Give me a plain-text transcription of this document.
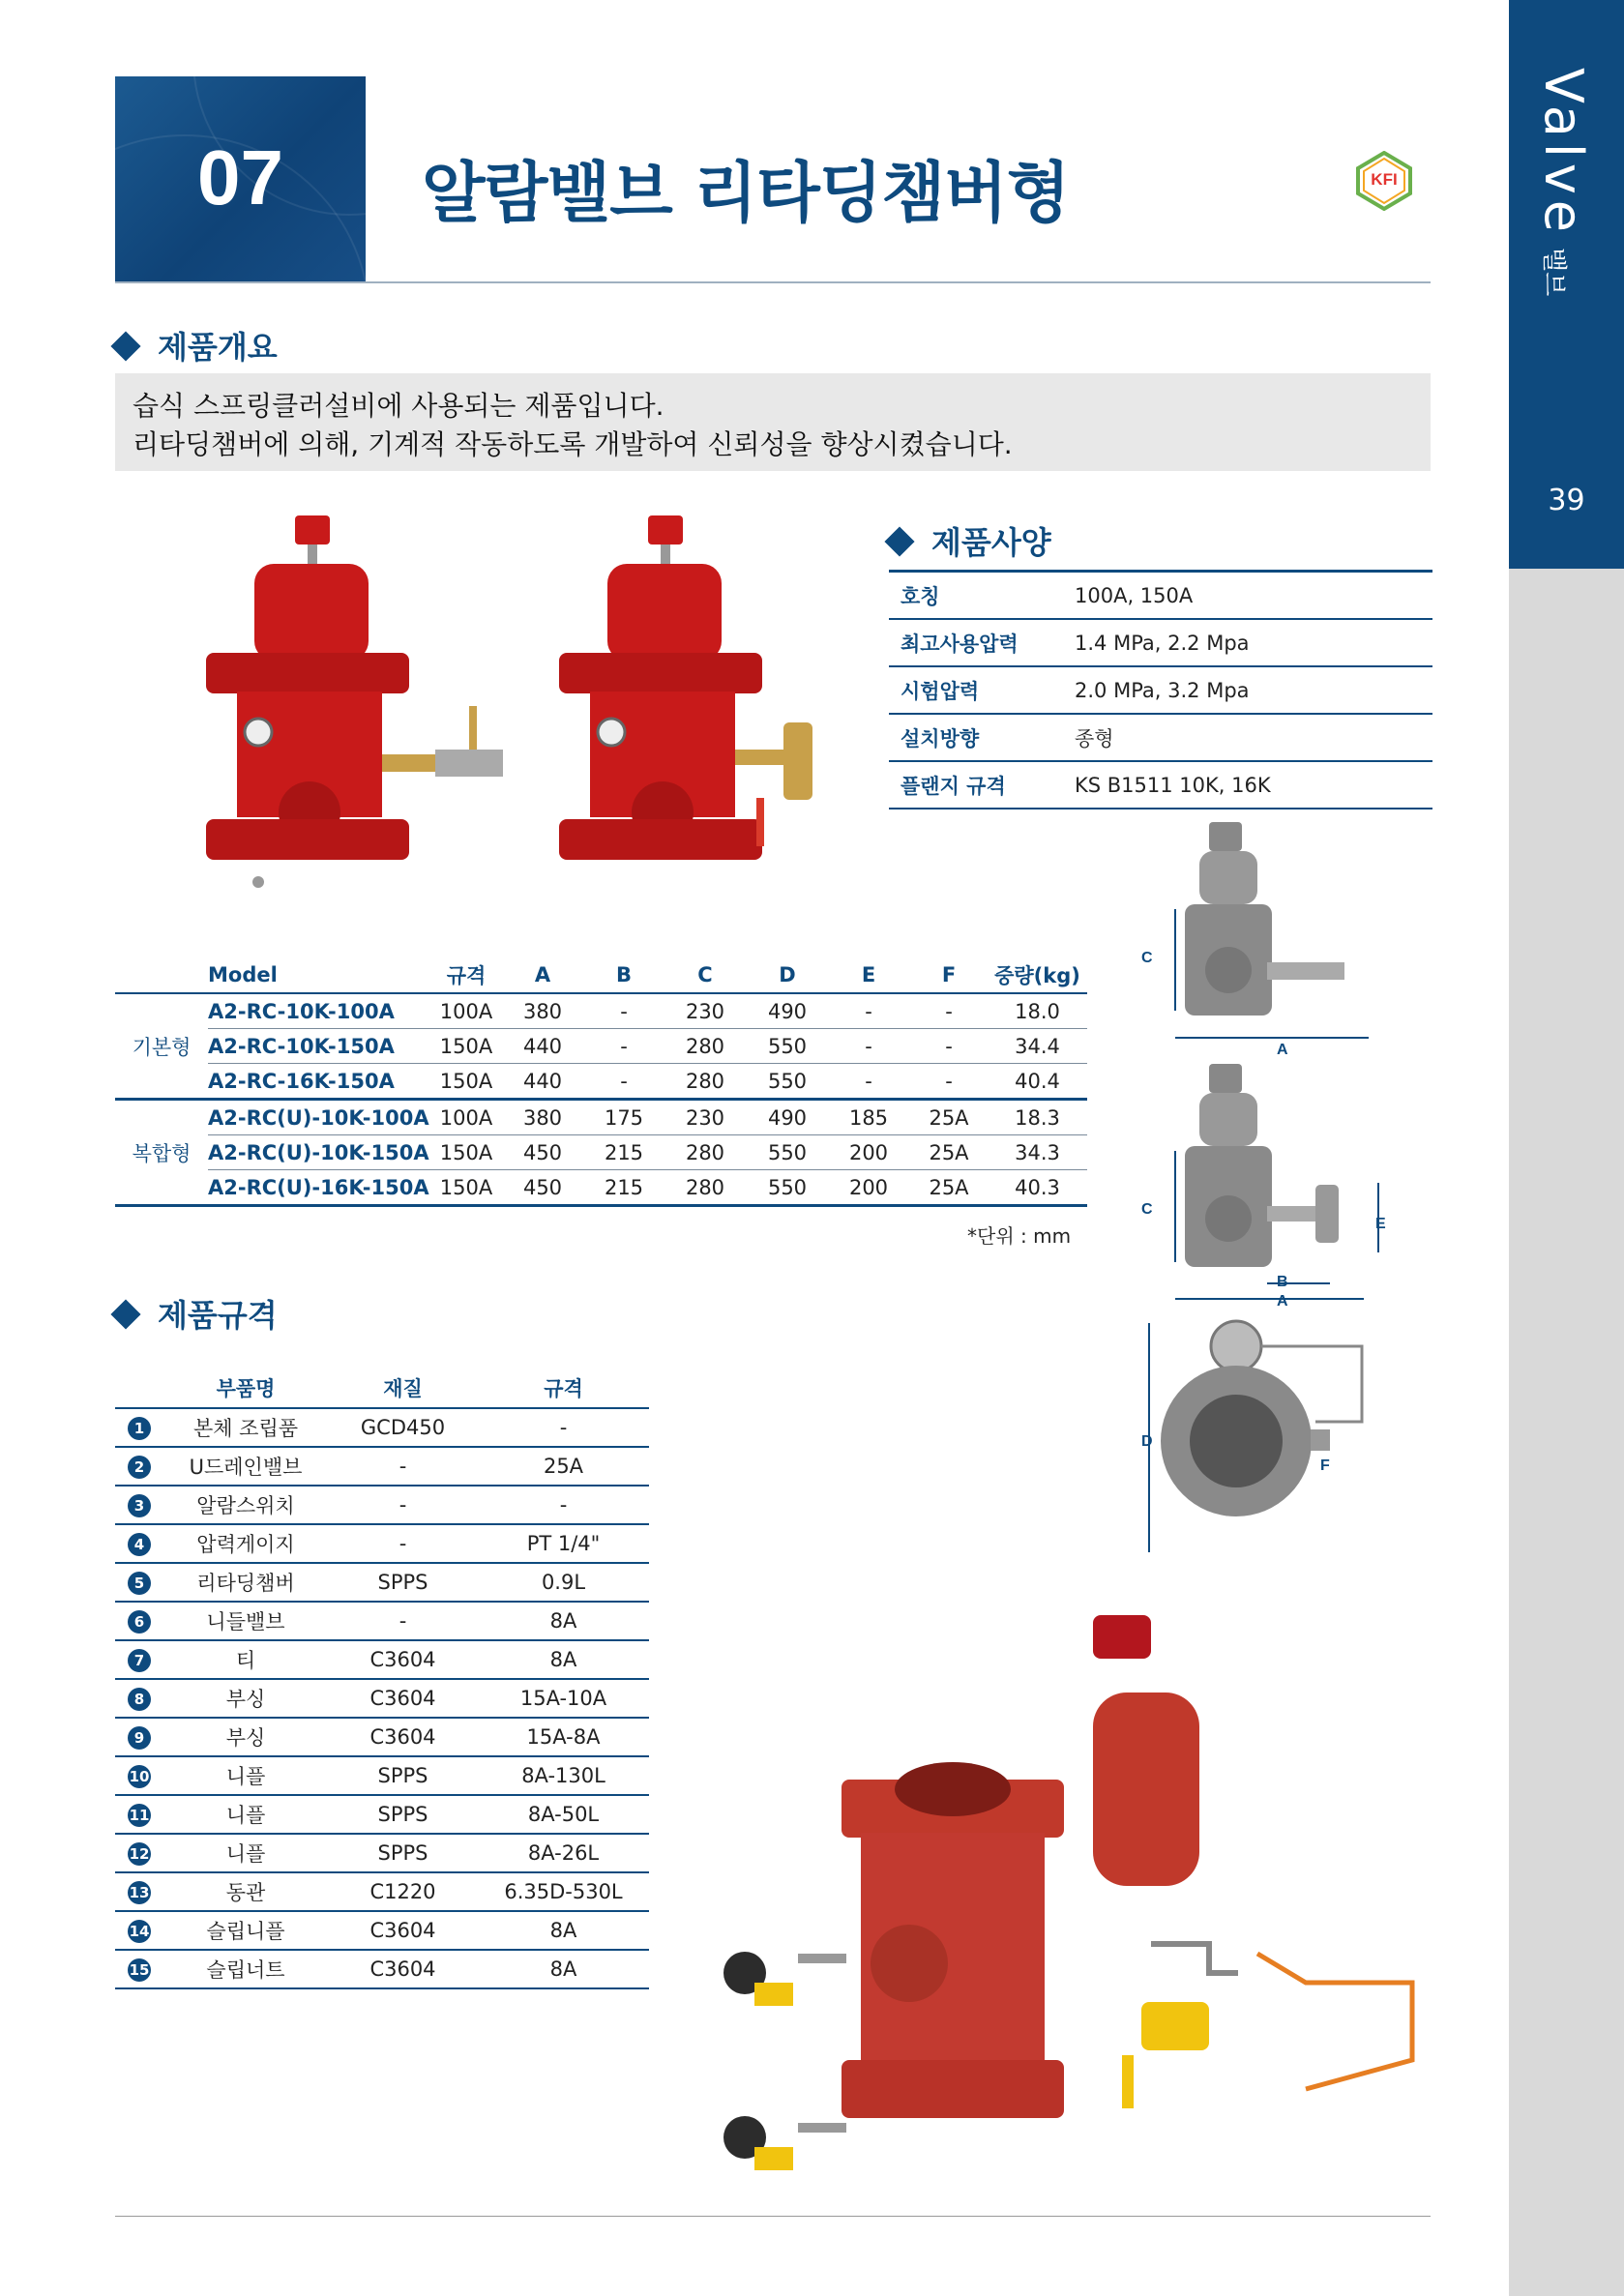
Valve밸브
39
07	알람밸브 리타딩챔버형	KFI
제품개요

습식 스프링클러설비에 사용되는 제품입니다.

리타딩챔버에 의해, 기계적 작동하도록 개발하여 신뢰성을 향상시켰습니다.

제품사양
호칭	100A, 150A
최고사용압력	1.4 MPa, 2.2 Mpa
시험압력	2.0 MPa, 3.2 Mpa
설치방향	종형
플랜지 규격	KS B1511 10K, 16K
C
A
C
B
A
E
D
F
	Model	규격	A	B	C	D	E	F	중량(kg)
기본형	A2-RC-10K-100A	100A	380	-	230	490	-	-	18.0
	A2-RC-10K-150A	150A	440	-	280	550	-	-	34.4
	A2-RC-16K-150A	150A	440	-	280	550	-	-	40.4
복합형	A2-RC(U)-10K-100A	100A	380	175	230	490	185	25A	18.3
	A2-RC(U)-10K-150A	150A	450	215	280	550	200	25A	34.3
	A2-RC(U)-16K-150A	150A	450	215	280	550	200	25A	40.3
*단위 : mm
제품규격
	부품명	재질	규격
1	본체 조립품	GCD450	-
2	U드레인밸브	-	25A
3	알람스위치	-	-
4	압력게이지	-	PT 1/4"
5	리타딩챔버	SPPS	0.9L
6	니들밸브	-	8A
7	티	C3604	8A
8	부싱	C3604	15A-10A
9	부싱	C3604	15A-8A
10	니플	SPPS	8A-130L
11	니플	SPPS	8A-50L
12	니플	SPPS	8A-26L
13	동관	C1220	6.35D-530L
14	슬립니플	C3604	8A
15	슬립너트	C3604	8A
